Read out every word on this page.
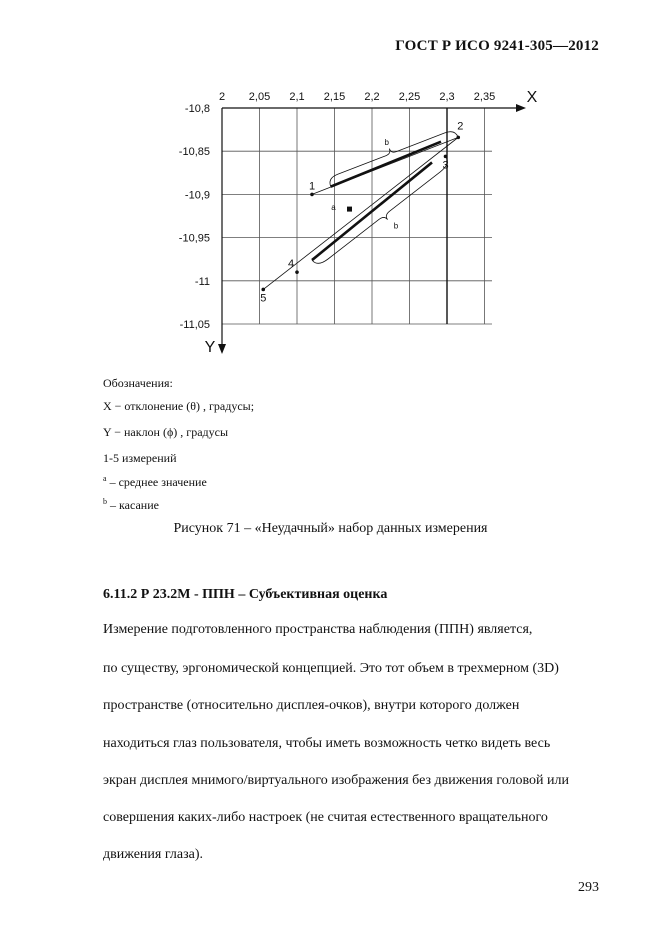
ГОСТ Р ИСО 9241-305—2012
2 2,05 2,1 2,15 2,2 2,25 2,3 2,35
-10,8
-10,85
-10,9
-10,95
-11
-11,05
X
Y
b
b
1
2
3
4
5
a
Обозначения:
X − отклонение (θ) , градусы;
Y − наклон (ϕ) , градусы
1-5 измерений
$^a$ – среднее значение
$^b$ – касание
Рисунок 71 – «Неудачный» набор данных измерения
6.11.2 Р 23.2М - ППН – Субъективная оценка
Измерение подготовленного пространства наблюдения (ППН) является,
по существу, эргономической концепцией. Это тот объем в трехмерном (3D)
пространстве (относительно дисплея-очков), внутри которого должен
находиться глаз пользователя, чтобы иметь возможность четко видеть весь
экран дисплея мнимого/виртуального изображения без движения головой или
совершения каких-либо настроек (не считая естественного вращательного
движения глаза).
293
